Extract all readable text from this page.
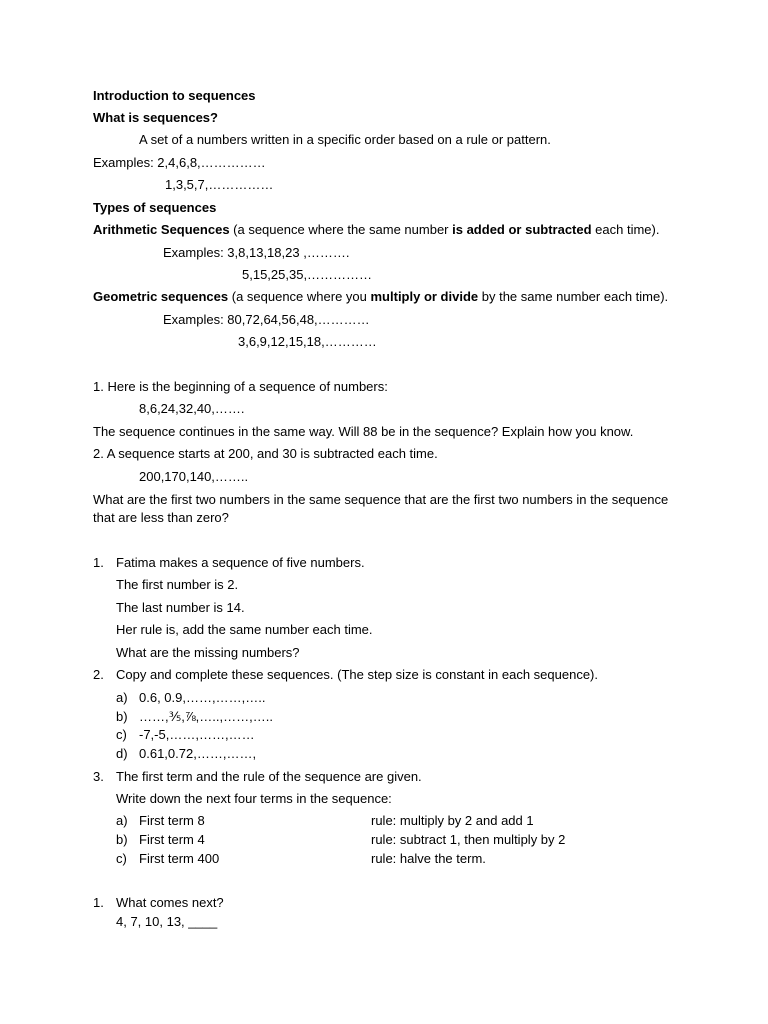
Introduction to sequences
What is sequences?
A set of a numbers written in a specific order based on a rule or pattern.
Examples: 2,4,6,8,……………
1,3,5,7,……………
Types of sequences
Arithmetic Sequences (a sequence where the same number is added or subtracted each time).
Examples: 3,8,13,18,23 ,……….
5,15,25,35,……………
Geometric sequences (a sequence where you multiply or divide by the same number each time).
Examples: 80,72,64,56,48,…………
3,6,9,12,15,18,…………
1. Here is the beginning of a sequence of numbers:
8,6,24,32,40,…….
The sequence continues in the same way. Will 88 be in the sequence? Explain how you know.
2. A sequence starts at 200, and 30 is subtracted each time.
200,170,140,……..
What are the first two numbers in the same sequence that are the first two numbers in the sequence that are less than zero?
1. Fatima makes a sequence of five numbers.
The first number is 2.
The last number is 14.
Her rule is, add the same number each time.
What are the missing numbers?
2. Copy and complete these sequences. (The step size is constant in each sequence).
a) 0.6, 0.9,……,……,…..
b) ……,⅗,⅞,…..,……,…..
c) -7,-5,……,……,……
d) 0.61,0.72,……,……,
3. The first term and the rule of the sequence are given.
Write down the next four terms in the sequence:
a) First term 8	rule: multiply by 2 and add 1
b) First term 4	rule: subtract 1, then multiply by 2
c) First term 400	rule: halve the term.
1. What comes next?
4, 7, 10, 13, ____
